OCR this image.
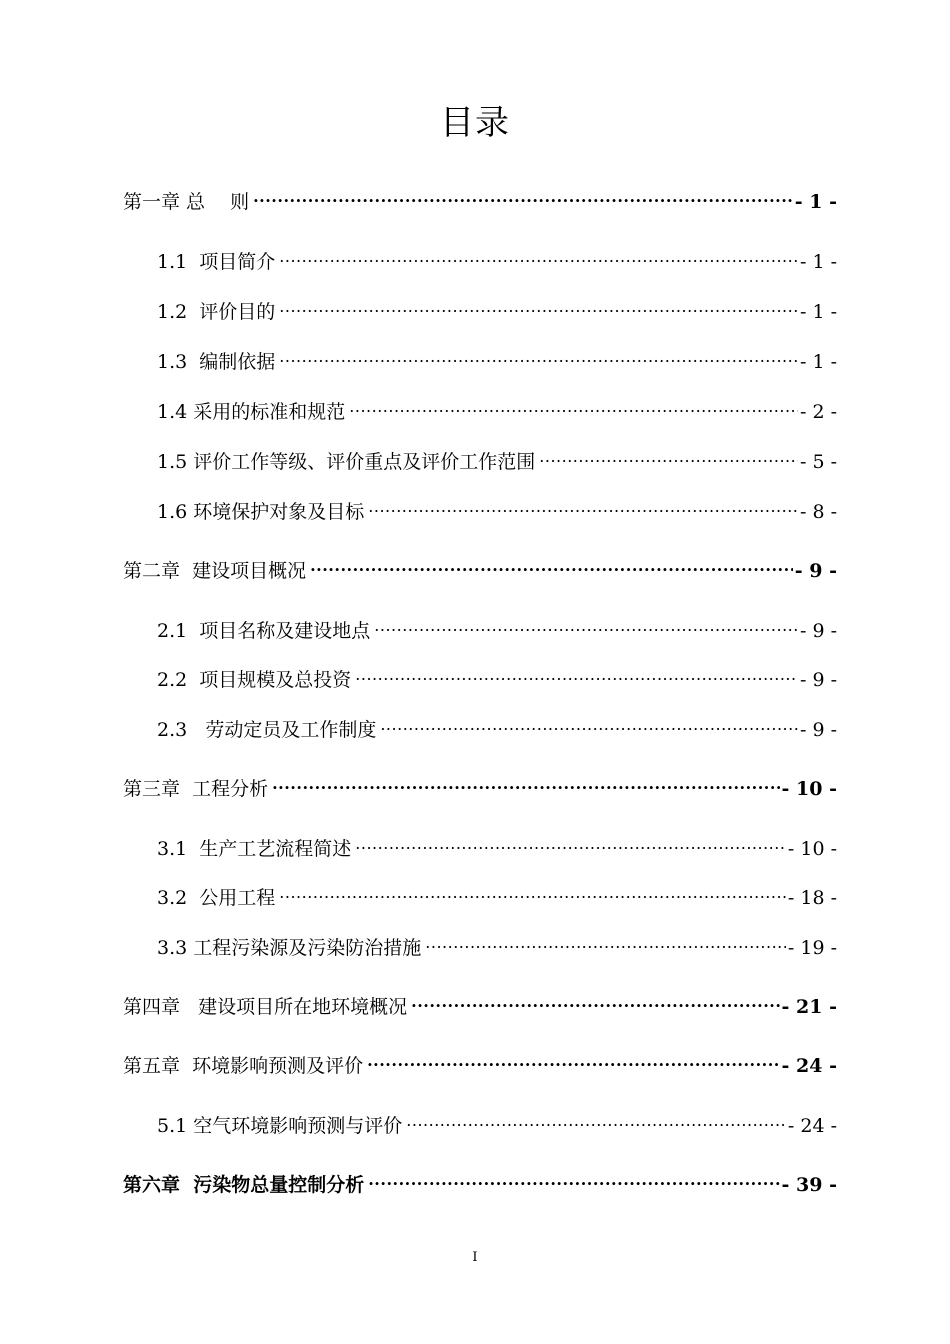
目录
第一章 总　 则 .....	- 1 -
1.1  项目简介 .....	- 1 -
1.2  评价目的 .....	- 1 -
1.3  编制依据 .....	- 1 -
1.4 采用的标准和规范 .....	- 2 -
1.5 评价工作等级、评价重点及评价工作范围 .....	- 5 -
1.6 环境保护对象及目标 .....	- 8 -
第二章  建设项目概况 .....	- 9 -
2.1  项目名称及建设地点 .....	- 9 -
2.2  项目规模及总投资 .....	- 9 -
2.3   劳动定员及工作制度 .....	- 9 -
第三章  工程分析 .....	- 10 -
3.1  生产工艺流程简述 .....	- 10 -
3.2  公用工程 .....	- 18 -
3.3 工程污染源及污染防治措施 .....	- 19 -
第四章   建设项目所在地环境概况 .....	- 21 -
第五章  环境影响预测及评价 .....	- 24 -
5.1 空气环境影响预测与评价 .....	- 24 -
第六章  污染物总量控制分析 .....	- 39 -
I
